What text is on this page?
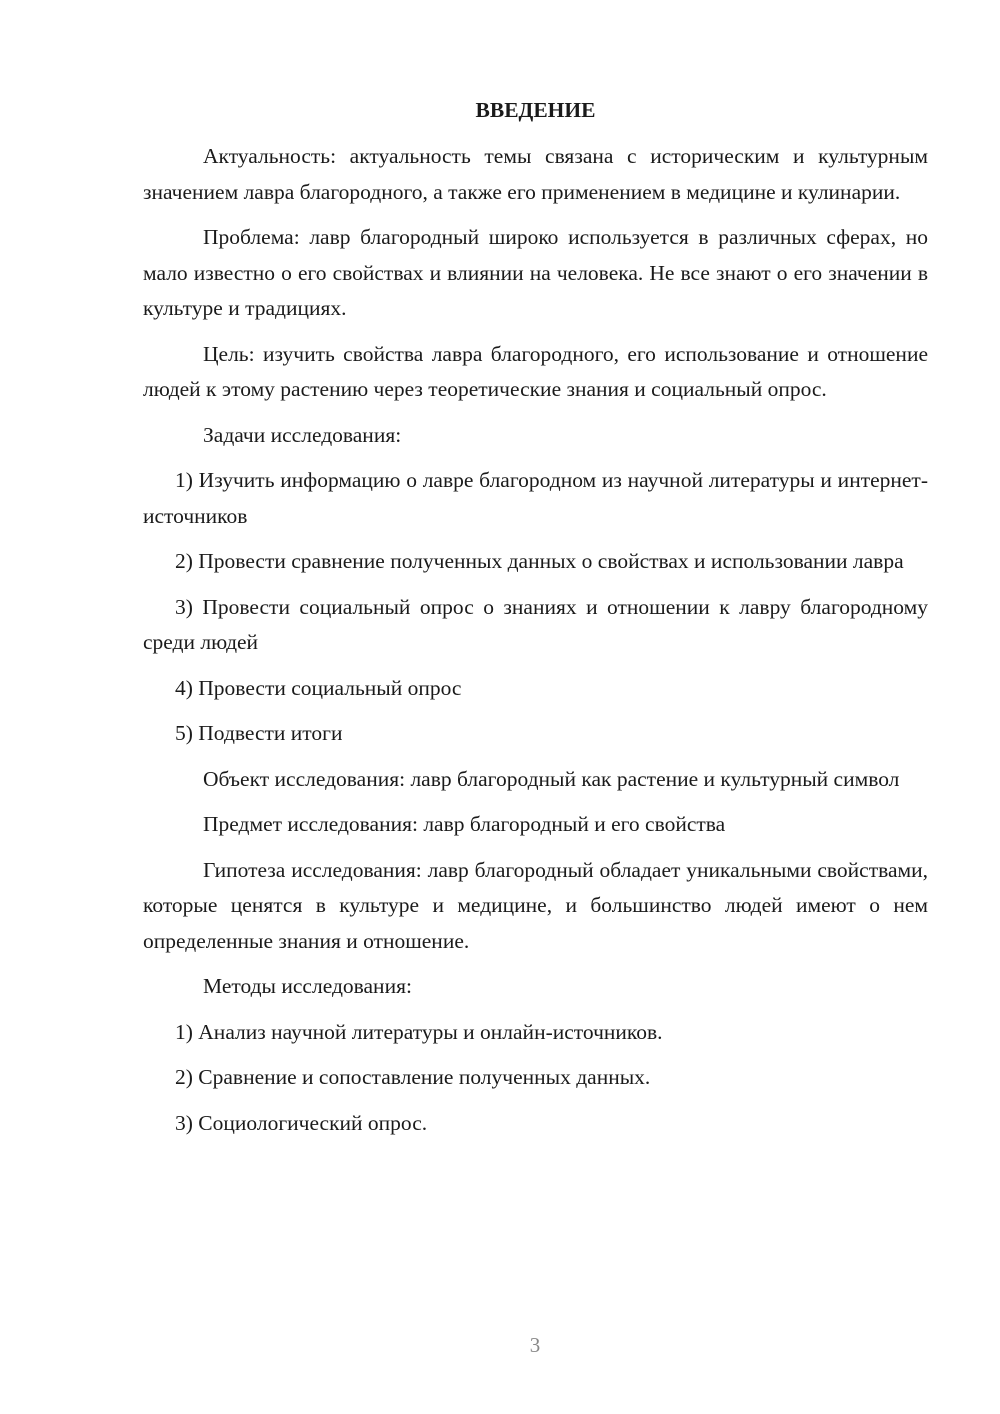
ВВЕДЕНИЕ
Актуальность: актуальность темы связана с историческим и культурным значением лавра благородного, а также его применением в медицине и кулинарии.
Проблема: лавр благородный широко используется в различных сферах, но мало известно о его свойствах и влиянии на человека. Не все знают о его значении в культуре и традициях.
Цель: изучить свойства лавра благородного, его использование и отношение людей к этому растению через теоретические знания и социальный опрос.
Задачи исследования:
1) Изучить информацию о лавре благородном из научной литературы и интернет-источников
2) Провести сравнение полученных данных о свойствах и использовании лавра
3) Провести социальный опрос о знаниях и отношении к лавру благородному среди людей
4) Провести социальный опрос
5) Подвести итоги
Объект исследования: лавр благородный как растение и культурный символ
Предмет исследования: лавр благородный и его свойства
Гипотеза исследования: лавр благородный обладает уникальными свойствами, которые ценятся в культуре и медицине, и большинство людей имеют о нем определенные знания и отношение.
Методы исследования:
1) Анализ научной литературы и онлайн-источников.
2) Сравнение и сопоставление полученных данных.
3) Социологический опрос.
3
